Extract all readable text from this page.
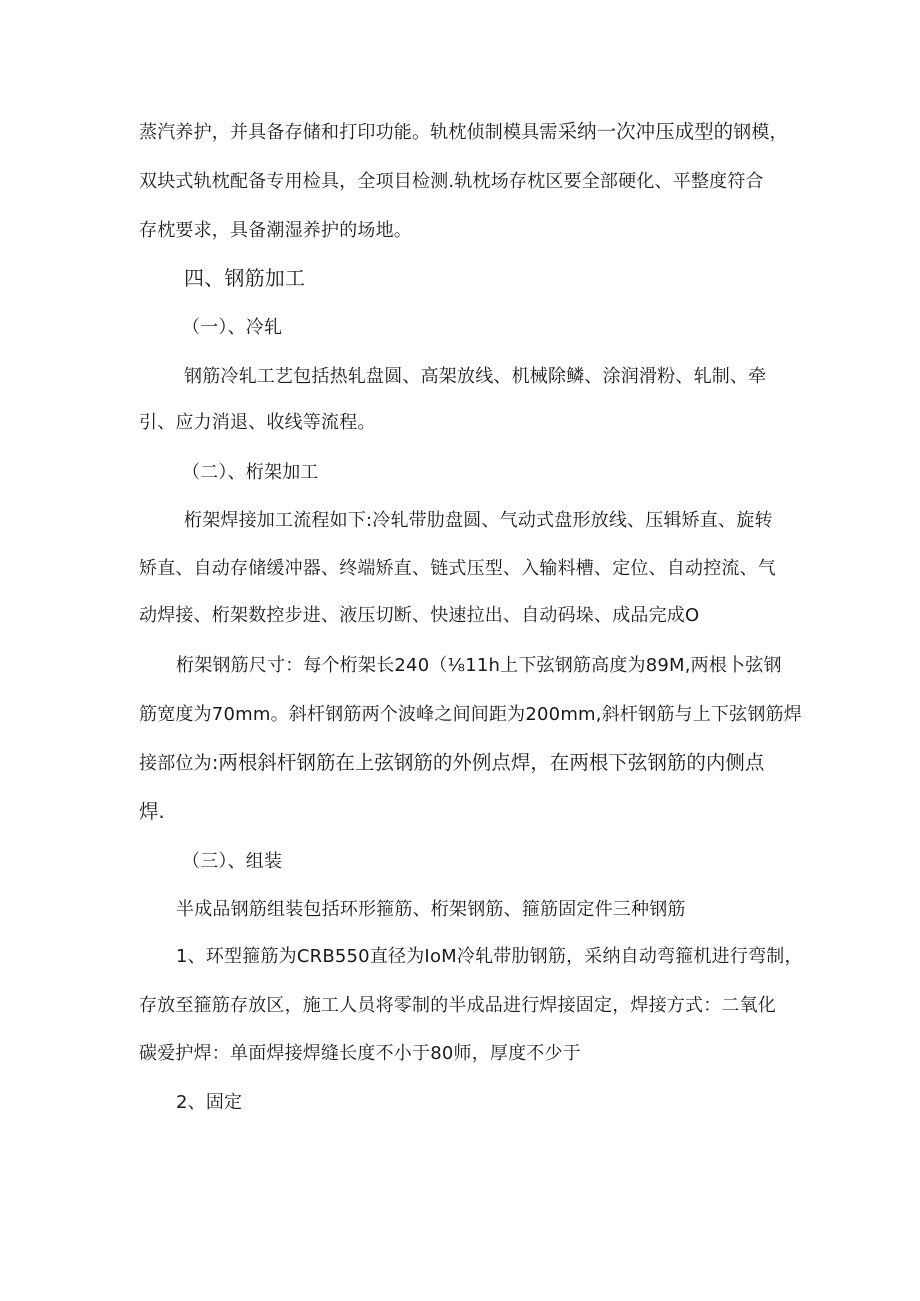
蒸汽养护，并具备存储和打印功能。轨枕侦制模具需采纳一次冲压成型的钢模，
双块式轨枕配备专用检具，全项目检测.轨枕场存枕区要全部硬化、平整度符合
存枕要求，具备潮湿养护的场地。
四、钢筋加工
（一）、冷轧
钢筋冷轧工艺包括热轧盘圆、高架放线、机械除鳞、涂润滑粉、轧制、牵
引、应力消退、收线等流程。
（二）、桁架加工
桁架焊接加工流程如下:冷轧带肋盘圆、气动式盘形放线、压辑矫直、旋转
矫直、自动存储缓冲器、终端矫直、链式压型、入输料槽、定位、自动控流、气
动焊接、桁架数控步进、液压切断、快速拉出、自动码垛、成品完成O
桁架钢筋尺寸：每个桁架长240（⅛11h上下弦钢筋高度为89M,两根卜弦钢
筋宽度为70mm。斜杆钢筋两个波峰之间间距为200mm,斜杆钢筋与上下弦钢筋焊
接部位为:两根斜杆钢筋在上弦钢筋的外例点焊，在两根下弦钢筋的内侧点
焊.
（三）、组装
半成品钢筋组装包括环形箍筋、桁架钢筋、箍筋固定件三种钢筋
1、环型箍筋为CRB550直径为IoM冷轧带肋钢筋，采纳自动弯箍机进行弯制，
存放至箍筋存放区，施工人员将零制的半成品进行焊接固定，焊接方式：二氧化
碳爱护焊：单面焊接焊缝长度不小于80师，厚度不少于
2、固定
